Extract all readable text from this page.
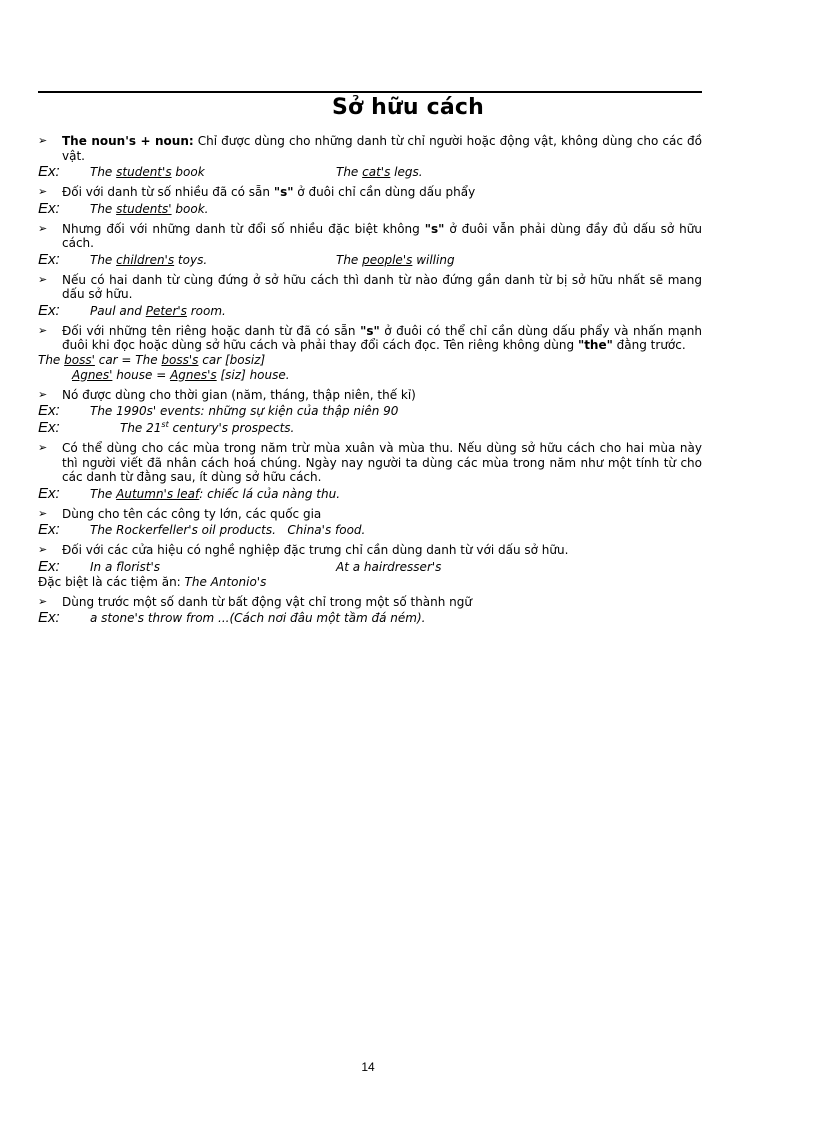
Sở hữu cách
➢ The noun's + noun: Chỉ được dùng cho những danh từ chỉ người hoặc động vật, không dùng cho các đồ vật.
Ex:	The student's book	The cat's legs.
➢ Đối với danh từ số nhiều đã có sẵn "s" ở đuôi chỉ cần dùng dấu phẩy
Ex:	The students' book.
➢ Nhưng đối với những danh từ đổi số nhiều đặc biệt không "s" ở đuôi vẫn phải dùng đầy đủ dấu sở hữu cách.
Ex:	The children's toys.	The people's willing
➢ Nếu có hai danh từ cùng đứng ở sở hữu cách thì danh từ nào đứng gần danh từ bị sở hữu nhất sẽ mang dấu sở hữu.
Ex:	Paul and Peter's room.
➢ Đối với những tên riêng hoặc danh từ đã có sẵn "s" ở đuôi có thể chỉ cần dùng dấu phẩy và nhấn mạnh đuôi khi đọc hoặc dùng sở hữu cách và phải thay đổi cách đọc. Tên riêng không dùng "the" đằng trước.
The boss' car = The boss's car [bosiz]
Agnes' house = Agnes's [siz] house.
➢ Nó được dùng cho thời gian (năm, tháng, thập niên, thế kỉ)
Ex:	The 1990s' events: những sự kiện của thập niên 90
Ex:	The 21st century's prospects.
➢ Có thể dùng cho các mùa trong năm trừ mùa xuân và mùa thu. Nếu dùng sở hữu cách cho hai mùa này thì người viết đã nhân cách hoá chúng. Ngày nay người ta dùng các mùa trong năm như một tính từ cho các danh từ đằng sau, ít dùng sở hữu cách.
Ex:	The Autumn's leaf: chiếc lá của nàng thu.
➢ Dùng cho tên các công ty lớn, các quốc gia
Ex:	The Rockerfeller's oil products.   China's food.
➢ Đối với các cửa hiệu có nghề nghiệp đặc trưng chỉ cần dùng danh từ với dấu sở hữu.
Ex:	In a florist's	At a hairdresser's
Đặc biệt là các tiệm ăn: The Antonio's
➢ Dùng trước một số danh từ bất động vật chỉ trong một số thành ngữ
Ex:	a stone's throw from ...(Cách nơi đâu một tầm đá ném).
14
